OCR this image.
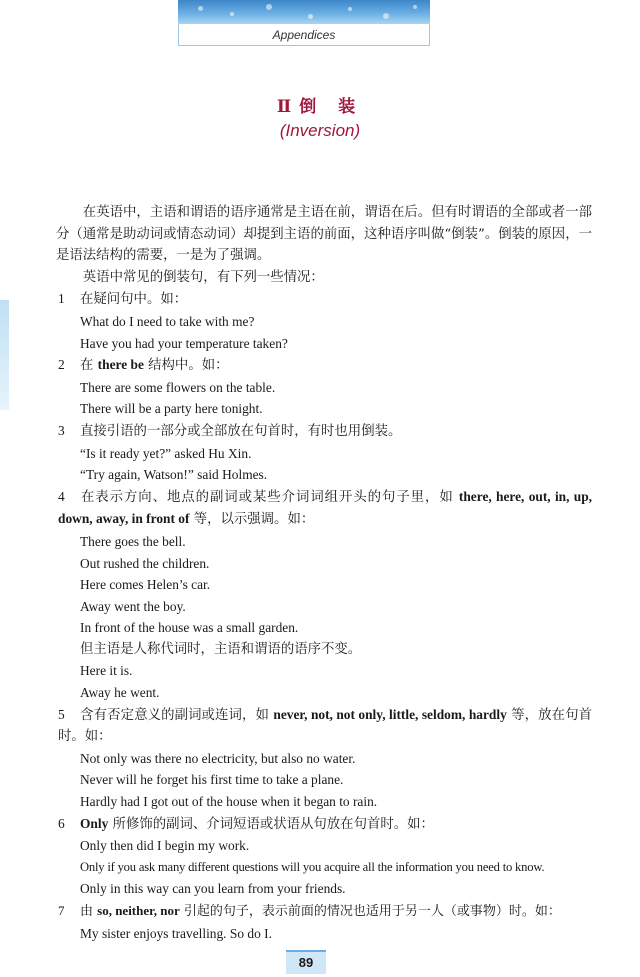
Appendices
Ⅱ倒 装
(Inversion)

在英语中，主语和谓语的语序通常是主语在前，谓语在后。但有时谓语的全部或者一部分（通常是助动词或情态动词）却提到主语的前面，这种语序叫做“倒装”。倒装的原因，一是语法结构的需要，一是为了强调。

英语中常见的倒装句，有下列一些情况：

1 在疑问句中。如：

What do I need to take with me?

Have you had your temperature taken?

2 在 there be 结构中。如：

There are some flowers on the table.

There will be a party here tonight.

3 直接引语的一部分或全部放在句首时，有时也用倒装。

“Is it ready yet?” asked Hu Xin.

“Try again, Watson!” said Holmes.

4 在表示方向、地点的副词或某些介词词组开头的句子里，如 there, here, out, in, up, down, away, in front of 等，以示强调。如：

There goes the bell.

Out rushed the children.

Here comes Helen’s car.

Away went the boy.

In front of the house was a small garden.

但主语是人称代词时，主语和谓语的语序不变。

Here it is.

Away he went.

5 含有否定意义的副词或连词，如 never, not, not only, little, seldom, hardly 等，放在句首时。如：

Not only was there no electricity, but also no water.

Never will he forget his first time to take a plane.

Hardly had I got out of the house when it began to rain.

6 Only 所修饰的副词、介词短语或状语从句放在句首时。如：

Only then did I begin my work.

Only if you ask many different questions will you acquire all the information you need to know.

Only in this way can you learn from your friends.

7 由 so, neither, nor 引起的句子，表示前面的情况也适用于另一人（或事物）时。如：

My sister enjoys travelling. So do I.

89
